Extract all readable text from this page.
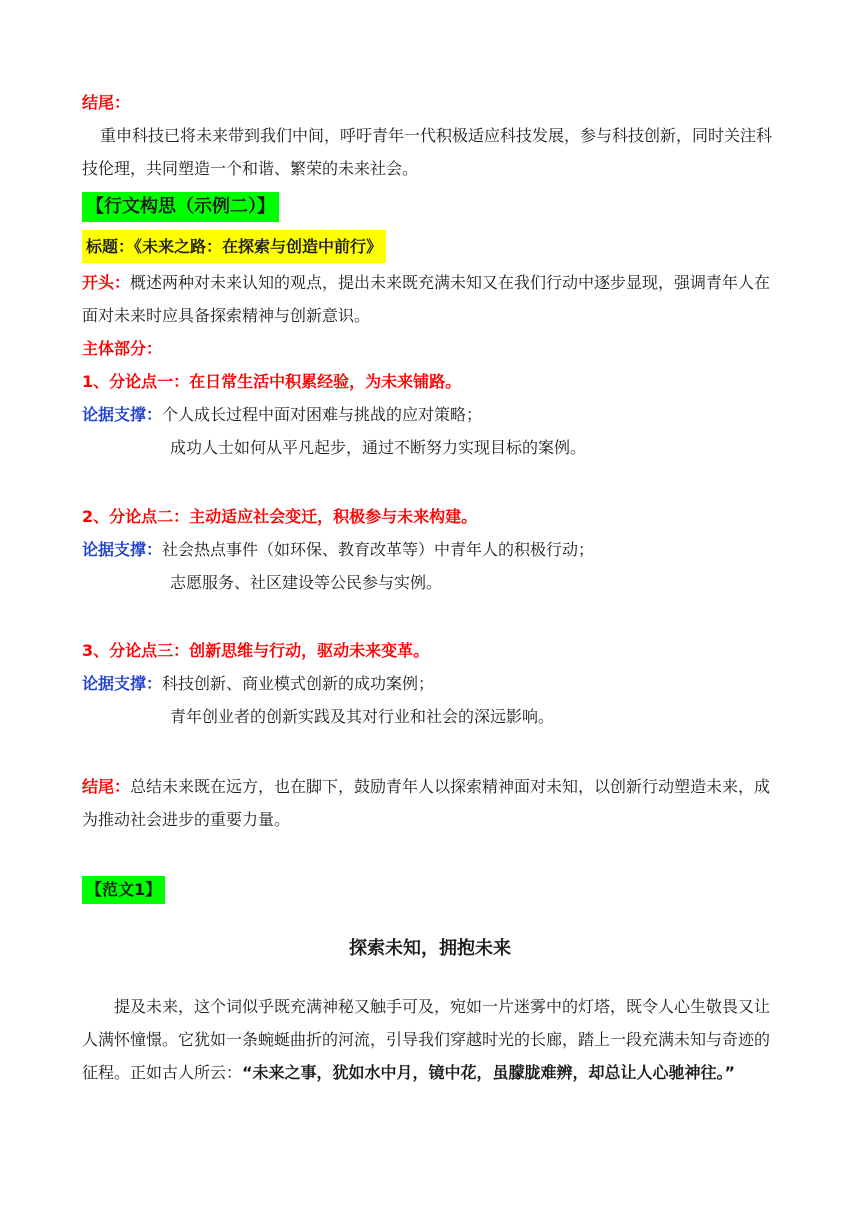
结尾：
重申科技已将未来带到我们中间，呼吁青年一代积极适应科技发展，参与科技创新，同时关注科技伦理，共同塑造一个和谐、繁荣的未来社会。
【行文构思（示例二）】
标题：《未来之路：在探索与创造中前行》
开头：概述两种对未来认知的观点，提出未来既充满未知又在我们行动中逐步显现，强调青年人在面对未来时应具备探索精神与创新意识。
主体部分：
1、分论点一：在日常生活中积累经验，为未来铺路。
论据支撑：个人成长过程中面对困难与挑战的应对策略；
成功人士如何从平凡起步，通过不断努力实现目标的案例。
2、分论点二：主动适应社会变迁，积极参与未来构建。
论据支撑：社会热点事件（如环保、教育改革等）中青年人的积极行动；
志愿服务、社区建设等公民参与实例。
3、分论点三：创新思维与行动，驱动未来变革。
论据支撑：科技创新、商业模式创新的成功案例；
青年创业者的创新实践及其对行业和社会的深远影响。
结尾：总结未来既在远方，也在脚下，鼓励青年人以探索精神面对未知，以创新行动塑造未来，成为推动社会进步的重要力量。
【范文1】
探索未知，拥抱未来
提及未来，这个词似乎既充满神秘又触手可及，宛如一片迷雾中的灯塔，既令人心生敬畏又让人满怀憧憬。它犹如一条蜿蜒曲折的河流，引导我们穿越时光的长廊，踏上一段充满未知与奇迹的征程。正如古人所云：“未来之事，犹如水中月，镜中花，虽朦胧难辨，却总让人心驰神往。”
